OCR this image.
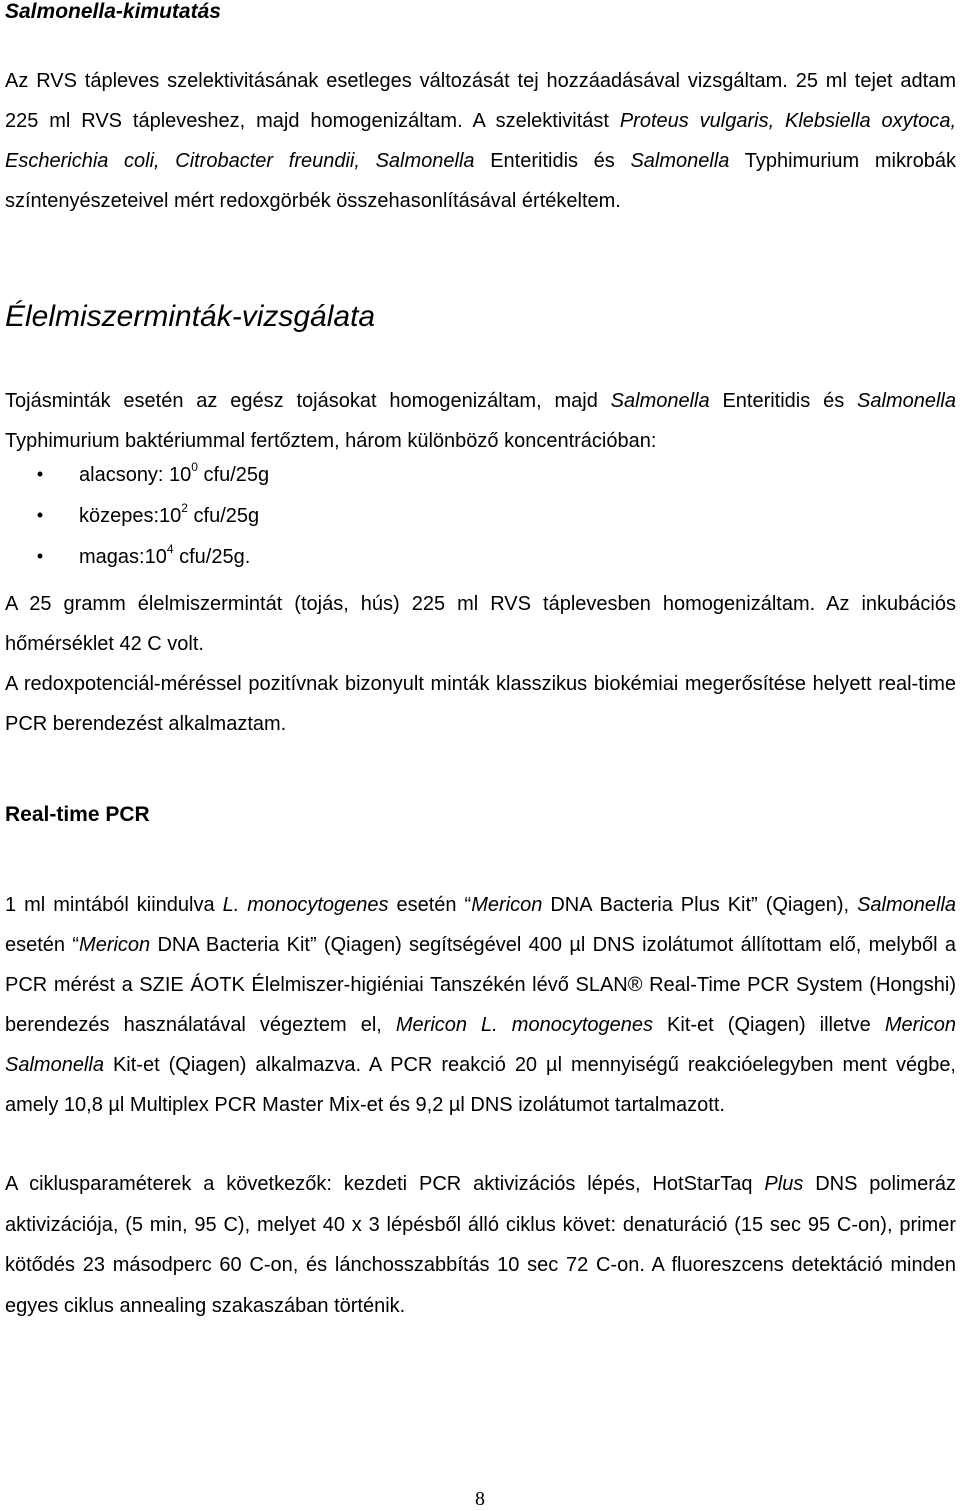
Salmonella-kimutatás
Az RVS tápleves szelektivitásának esetleges változását tej hozzáadásával vizsgáltam. 25 ml tejet adtam 225 ml RVS tápleveshez, majd homogenizáltam. A szelektivitást Proteus vulgaris, Klebsiella oxytoca, Escherichia coli, Citrobacter freundii, Salmonella Enteritidis és Salmonella Typhimurium mikrobák színtenyészeteivel mért redoxgörbék összehasonlításával értékeltem.
Élelmiszerminták-vizsgálata
Tojásminták esetén az egész tojásokat homogenizáltam, majd Salmonella Enteritidis és Salmonella Typhimurium baktériummal fertőztem, három különböző koncentrációban:
•	alacsony: $10^0$ cfu/25g
•	$közepes:10^2$ cfu/25g
•	$magas:10^4$ cfu/25g.
A 25 gramm élelmiszermintát (tojás, hús) 225 ml RVS táplevesben homogenizáltam. Az inkubációs hőmérséklet 42 C volt.
A redoxpotenciál-méréssel pozitívnak bizonyult minták klasszikus biokémiai megerősítése helyett real-time PCR berendezést alkalmaztam.
Real-time PCR
1 ml mintából kiindulva L. monocytogenes esetén “Mericon DNA Bacteria Plus Kit” (Qiagen), Salmonella esetén “Mericon DNA Bacteria Kit” (Qiagen) segítségével 400 µl DNS izolátumot állítottam elő, melyből a PCR mérést a SZIE ÁOTK Élelmiszer-higiéniai Tanszékén lévő SLAN® Real-Time PCR System (Hongshi) berendezés használatával végeztem el, Mericon L. monocytogenes Kit-et (Qiagen) illetve Mericon Salmonella Kit-et (Qiagen) alkalmazva. A PCR reakció 20 µl mennyiségű reakcióelegyben ment végbe, amely 10,8 µl Multiplex PCR Master Mix-et és 9,2 µl DNS izolátumot tartalmazott.
A ciklusparaméterek a következők: kezdeti PCR aktivizációs lépés, HotStarTaq Plus DNS polimeráz aktivizációja, (5 min, 95 C), melyet 40 x 3 lépésből álló ciklus követ: denaturáció (15 sec 95 C-on), primer kötődés 23 másodperc 60 C-on, és lánchosszabbítás 10 sec 72 C-on. A fluoreszcens detektáció minden egyes ciklus annealing szakaszában történik.
8
